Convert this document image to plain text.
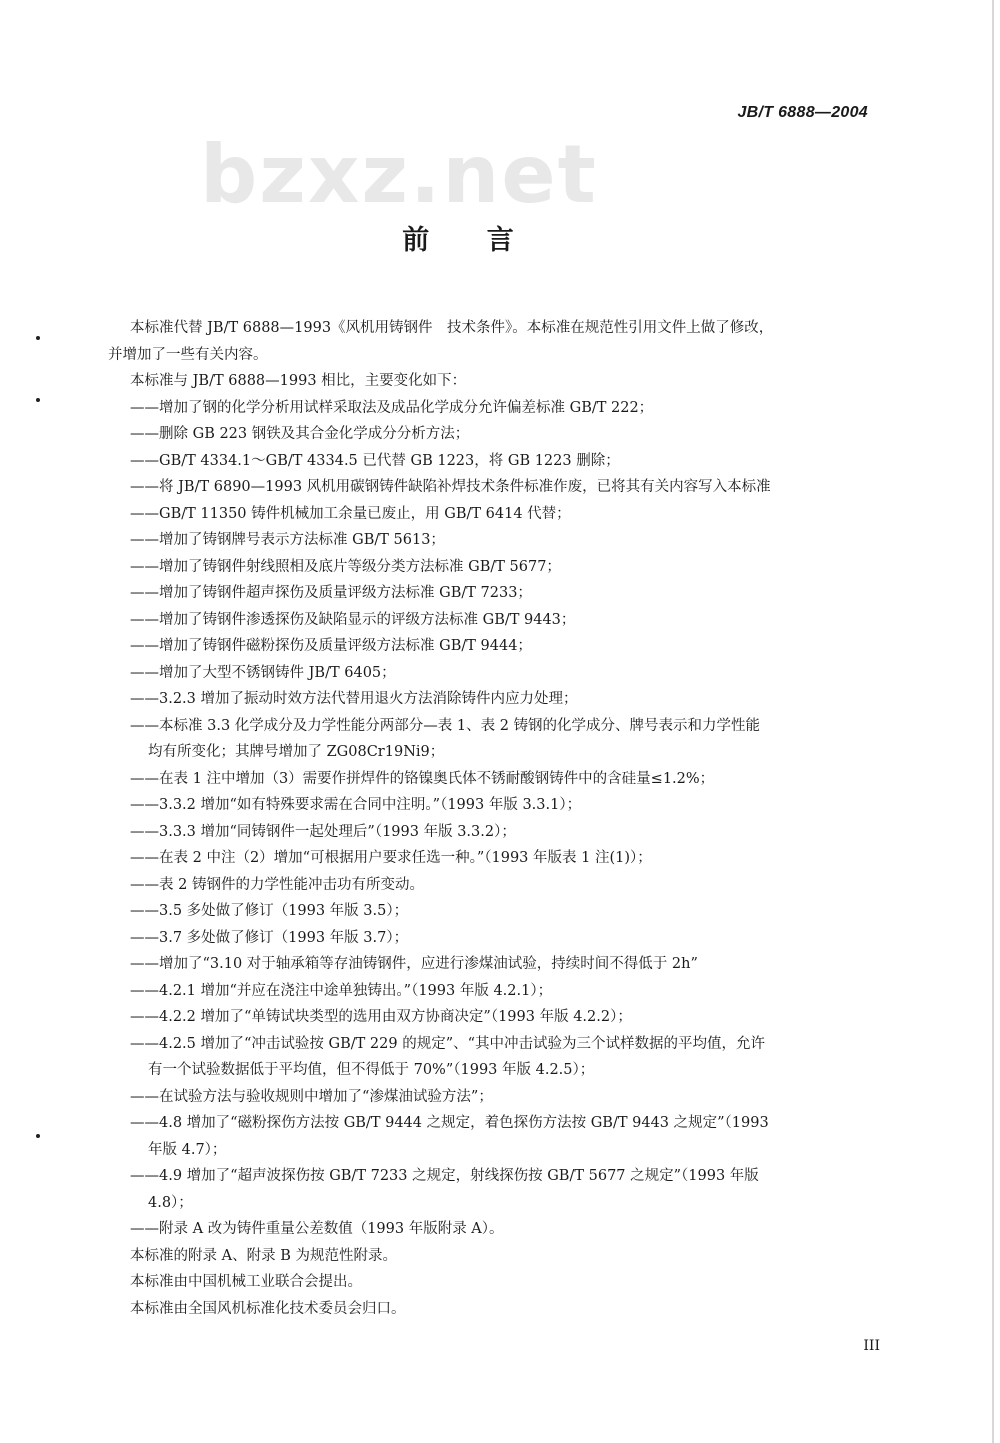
bzxz.net
JB/T 6888—2004
前 言
本标准代替 JB/T 6888—1993《风机用铸钢件　技术条件》。本标准在规范性引用文件上做了修改，
并增加了一些有关内容。
本标准与 JB/T 6888—1993 相比，主要变化如下：
——增加了钢的化学分析用试样采取法及成品化学成分允许偏差标准 GB/T 222；
——删除 GB 223 钢铁及其合金化学成分分析方法；
——GB/T 4334.1～GB/T 4334.5 已代替 GB 1223，将 GB 1223 删除；
——将 JB/T 6890—1993 风机用碳钢铸件缺陷补焊技术条件标准作废，已将其有关内容写入本标准
——GB/T 11350 铸件机械加工余量已废止，用 GB/T 6414 代替；
——增加了铸钢牌号表示方法标准 GB/T 5613；
——增加了铸钢件射线照相及底片等级分类方法标准 GB/T 5677；
——增加了铸钢件超声探伤及质量评级方法标准 GB/T 7233；
——增加了铸钢件渗透探伤及缺陷显示的评级方法标准 GB/T 9443；
——增加了铸钢件磁粉探伤及质量评级方法标准 GB/T 9444；
——增加了大型不锈钢铸件 JB/T 6405；
——3.2.3 增加了振动时效方法代替用退火方法消除铸件内应力处理；
——本标准 3.3 化学成分及力学性能分两部分—表 1、表 2 铸钢的化学成分、牌号表示和力学性能
均有所变化；其牌号增加了 ZG08Cr19Ni9；
——在表 1 注中增加（3）需要作拼焊件的铬镍奥氏体不锈耐酸钢铸件中的含硅量≤1.2%；
——3.3.2 增加“如有特殊要求需在合同中注明。”（1993 年版 3.3.1）；
——3.3.3 增加“同铸钢件一起处理后”（1993 年版 3.3.2）；
——在表 2 中注（2）增加“可根据用户要求任选一种。”（1993 年版表 1 注(1)）；
——表 2 铸钢件的力学性能冲击功有所变动。
——3.5 多处做了修订（1993 年版 3.5）；
——3.7 多处做了修订（1993 年版 3.7）；
——增加了“3.10 对于轴承箱等存油铸钢件，应进行渗煤油试验，持续时间不得低于 2h”
——4.2.1 增加“并应在浇注中途单独铸出。”（1993 年版 4.2.1）；
——4.2.2 增加了“单铸试块类型的选用由双方协商决定”（1993 年版 4.2.2）；
——4.2.5 增加了“冲击试验按 GB/T 229 的规定”、“其中冲击试验为三个试样数据的平均值，允许
有一个试验数据低于平均值，但不得低于 70%”（1993 年版 4.2.5）；
——在试验方法与验收规则中增加了“渗煤油试验方法”；
——4.8 增加了“磁粉探伤方法按 GB/T 9444 之规定，着色探伤方法按 GB/T 9443 之规定”（1993
年版 4.7）；
——4.9 增加了“超声波探伤按 GB/T 7233 之规定，射线探伤按 GB/T 5677 之规定”（1993 年版
4.8）；
——附录 A 改为铸件重量公差数值（1993 年版附录 A）。
本标准的附录 A、附录 B 为规范性附录。
本标准由中国机械工业联合会提出。
本标准由全国风机标准化技术委员会归口。
III
